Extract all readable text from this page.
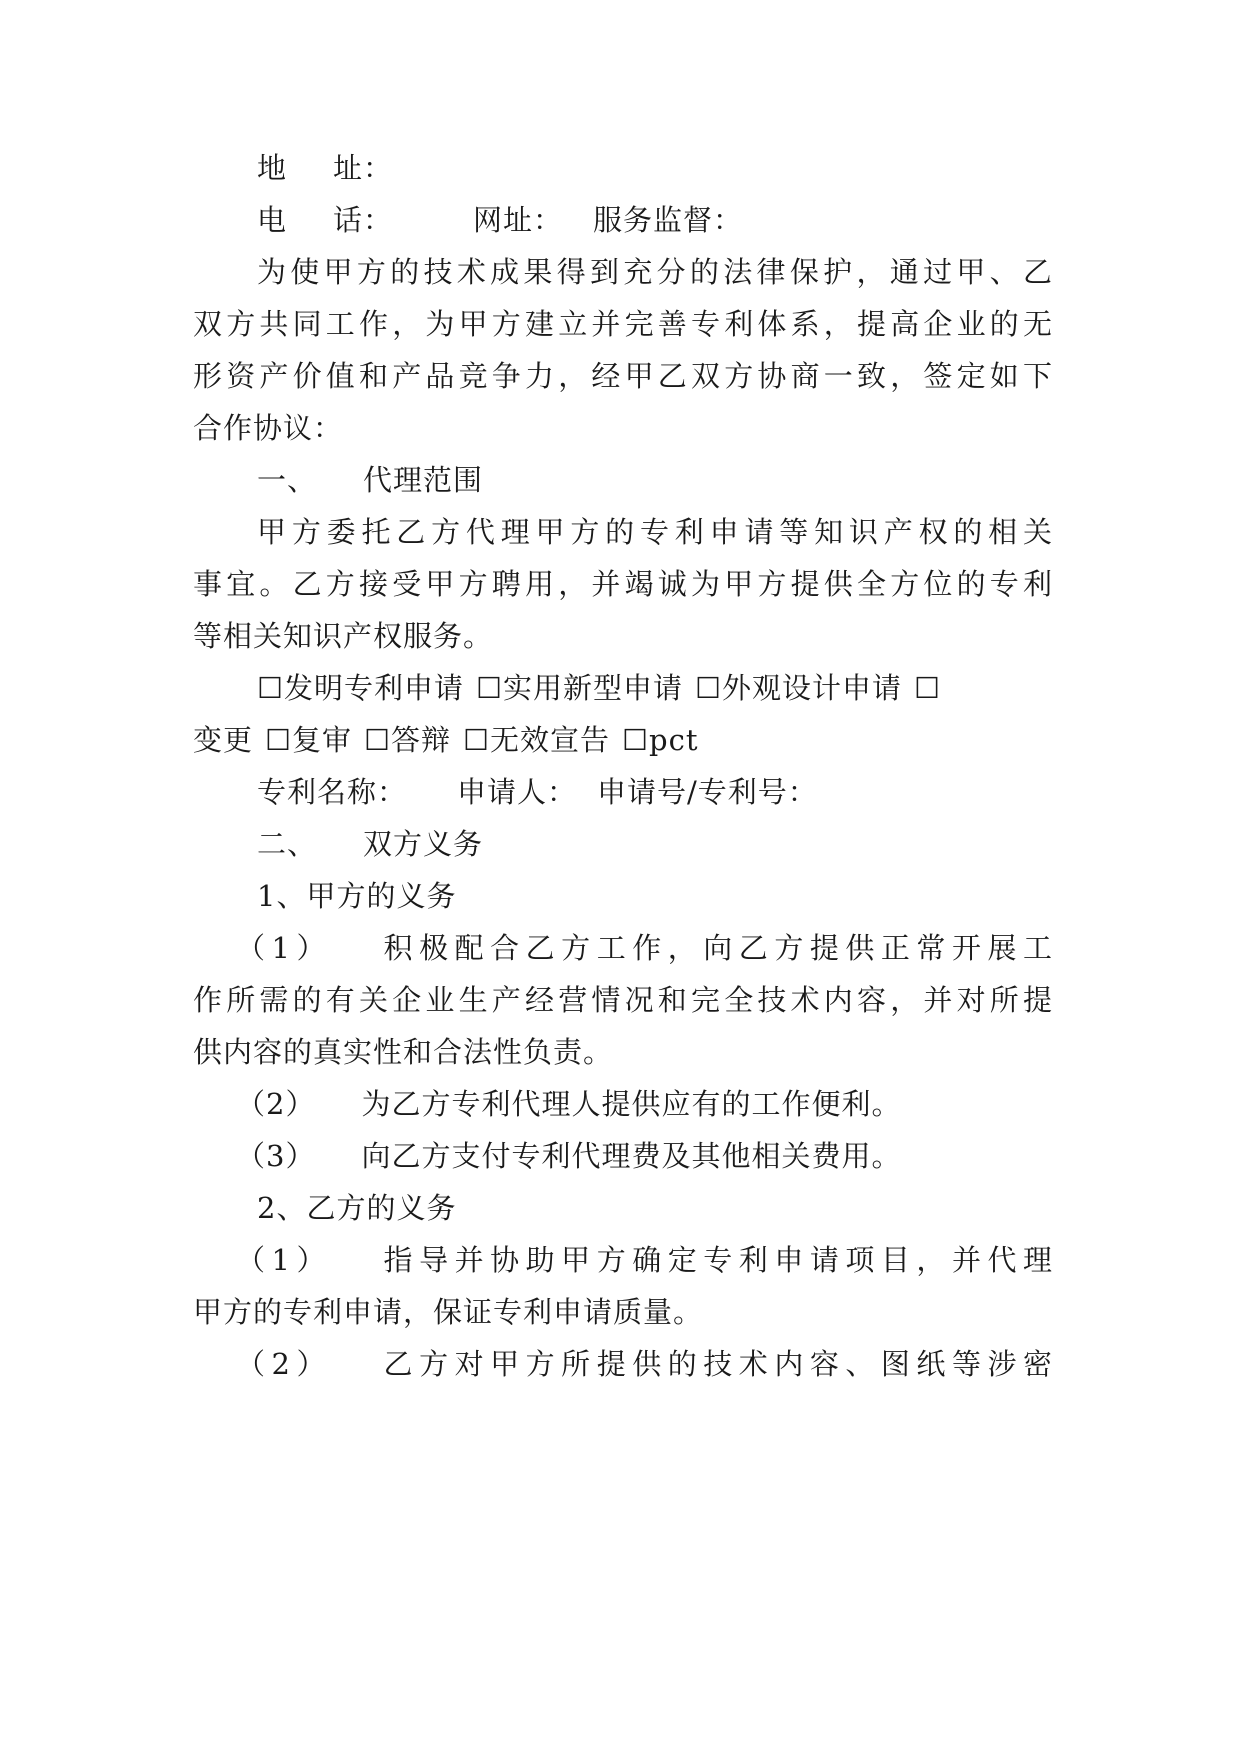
地 址：
电 话：	网址： 服务监督：
为使甲方的技术成果得到充分的法律保护，通过甲、乙
双方共同工作，为甲方建立并完善专利体系，提高企业的无
形资产价值和产品竞争力，经甲乙双方协商一致，签定如下
合作协议：
一、 代理范围
甲方委托乙方代理甲方的专利申请等知识产权的相关
事宜。乙方接受甲方聘用，并竭诚为甲方提供全方位的专利
等相关知识产权服务。
☐发明专利申请 ☐实用新型申请 ☐外观设计申请 ☐
变更 ☐复审 ☐答辩 ☐无效宣告 ☐pct
专利名称： 申请人： 申请号/专利号：
二、 双方义务
1、甲方的义务
（1） 积极配合乙方工作，向乙方提供正常开展工
作所需的有关企业生产经营情况和完全技术内容，并对所提
供内容的真实性和合法性负责。
（2） 为乙方专利代理人提供应有的工作便利。
（3） 向乙方支付专利代理费及其他相关费用。
2、乙方的义务
（1） 指导并协助甲方确定专利申请项目，并代理
甲方的专利申请，保证专利申请质量。
（2） 乙方对甲方所提供的技术内容、图纸等涉密
